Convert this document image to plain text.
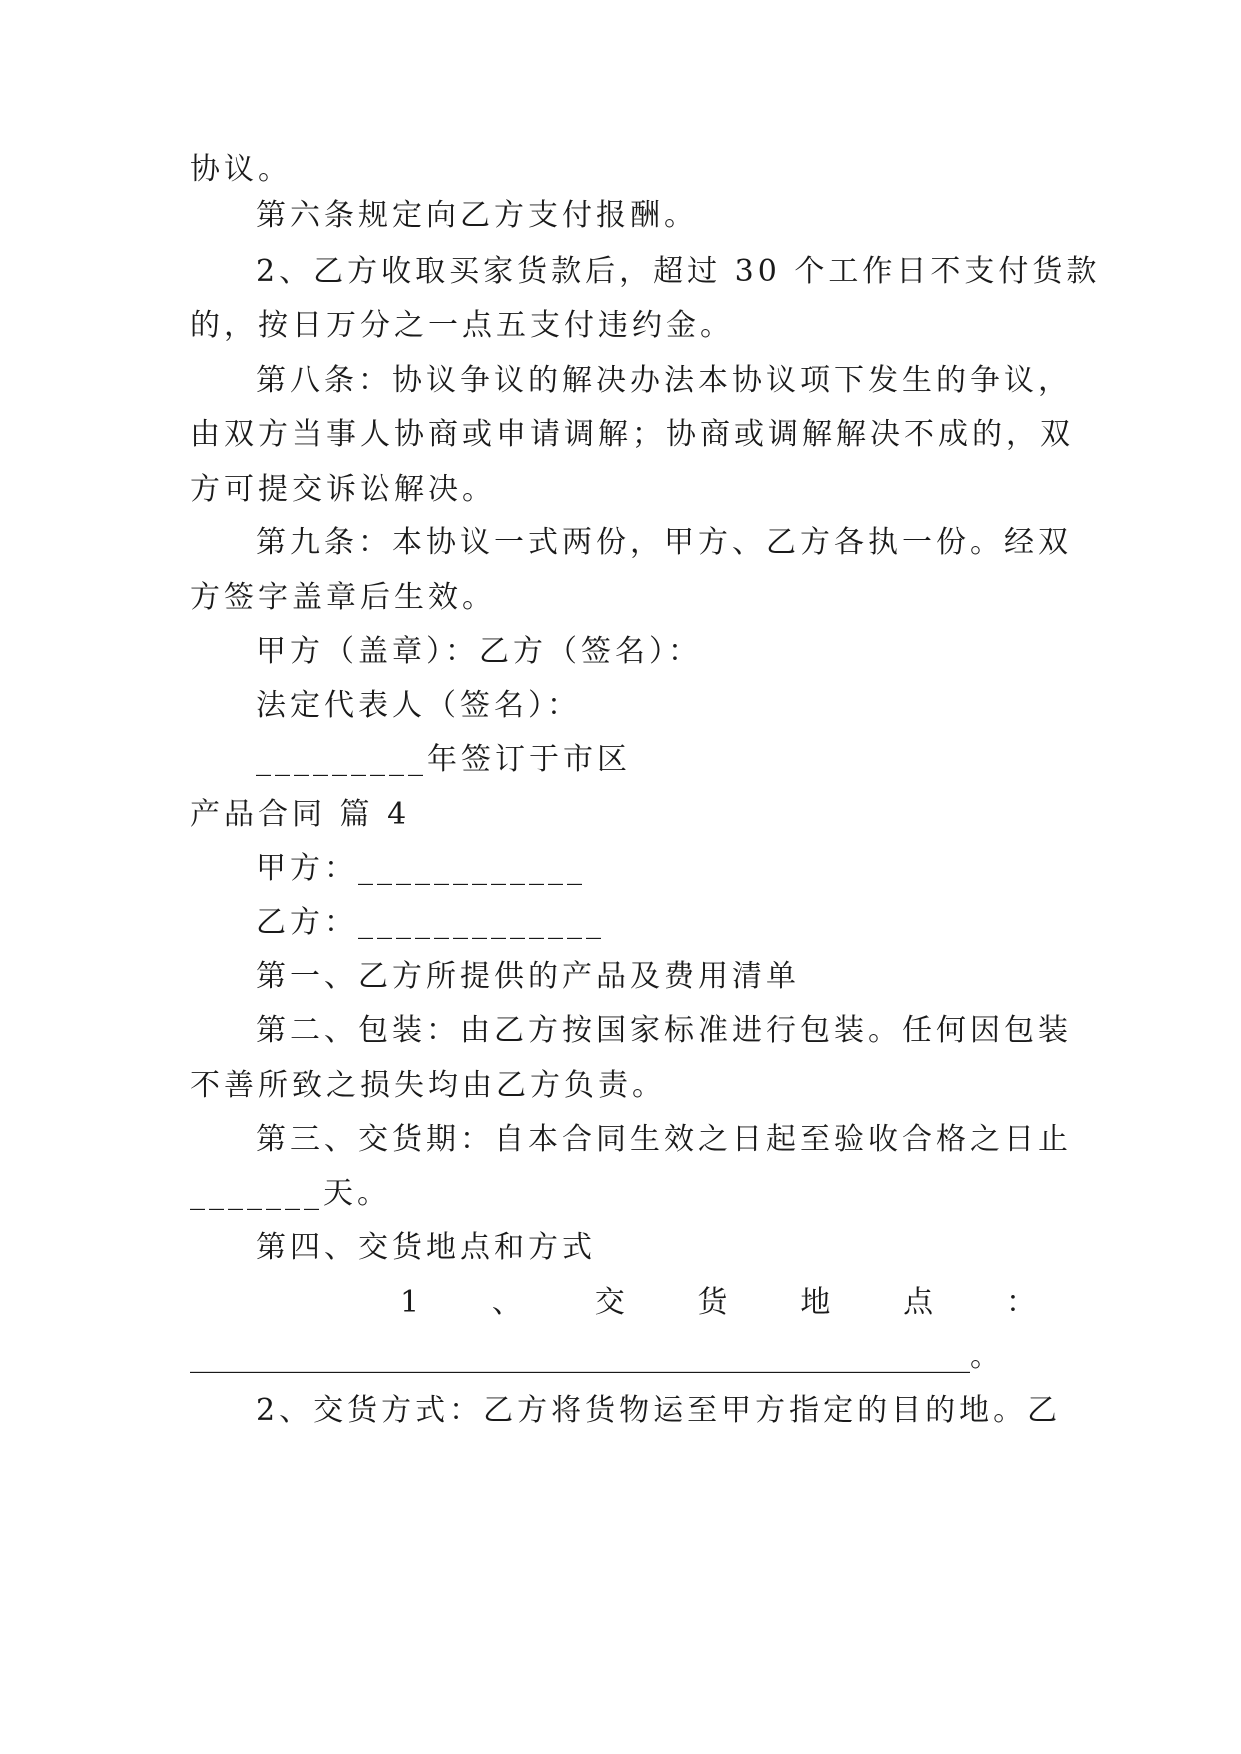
协议。
第六条规定向乙方支付报酬。
2、乙方收取买家货款后，超过 30 个工作日不支付货款
的，按日万分之一点五支付违约金。
第八条：协议争议的解决办法本协议项下发生的争议，
由双方当事人协商或申请调解；协商或调解解决不成的，双
方可提交诉讼解决。
第九条：本协议一式两份，甲方、乙方各执一份。经双
方签字盖章后生效。
甲方（盖章）：乙方（签名）：
法定代表人（签名）：
_________年签订于市区
产品合同 篇 4
甲方：____________
乙方：_____________
第一、乙方所提供的产品及费用清单
第二、包装：由乙方按国家标准进行包装。任何因包装
不善所致之损失均由乙方负责。
第三、交货期：自本合同生效之日起至验收合格之日止
_______天。
第四、交货地点和方式
1 、 交 货 地 点 ：
____________________________________________________。
2、交货方式：乙方将货物运至甲方指定的目的地。乙
